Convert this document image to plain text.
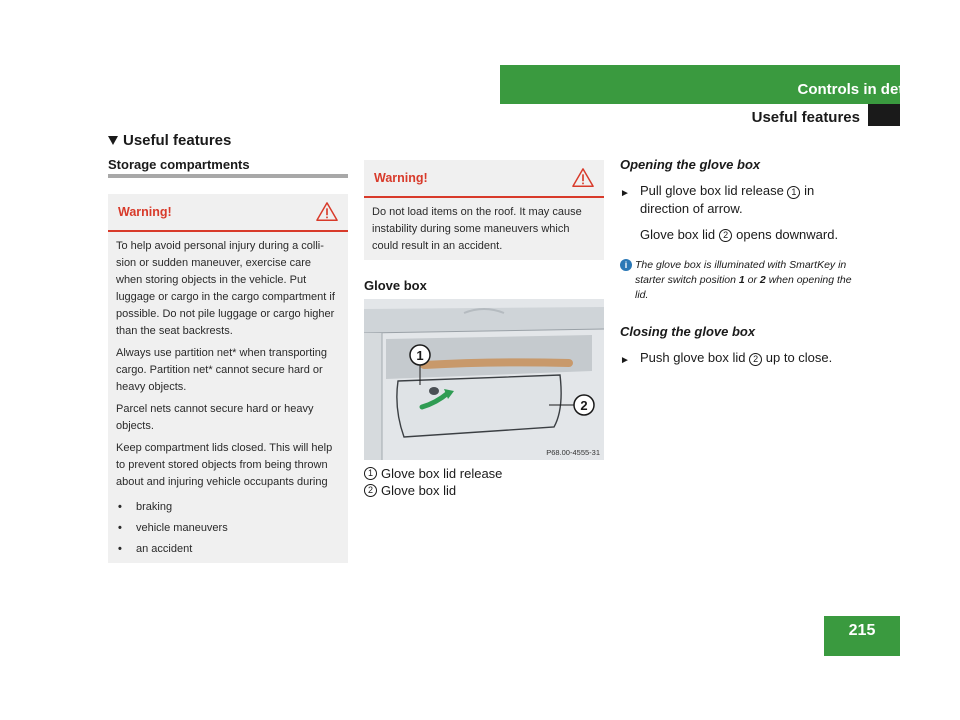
Controls in detail
Useful features
215
Useful features
Storage compartments
Warning!

To help avoid personal injury during a colli-sion or sudden maneuver, exercise care when storing objects in the vehicle. Put luggage or cargo in the cargo compartment if possible. Do not pile luggage or cargo higher than the seat backrests.

Always use partition net* when transporting cargo. Partition net* cannot secure hard or heavy objects.

Parcel nets cannot secure hard or heavy objects.

Keep compartment lids closed. This will help to prevent stored objects from being thrown about and injuring vehicle occupants during

•	braking
•	vehicle maneuvers
•	an accident
Warning!

Do not load items on the roof. It may cause instability during some maneuvers which could result in an accident.

Glove box
1
2
P68.00-4555-31
1 Glove box lid release
2 Glove box lid
Opening the glove box
► Pull glove box lid release 1 in direction of arrow.
Glove box lid 2 opens downward.
i The glove box is illuminated with SmartKey in starter switch position 1 or 2 when opening the lid.
Closing the glove box
► Push glove box lid 2 up to close.
